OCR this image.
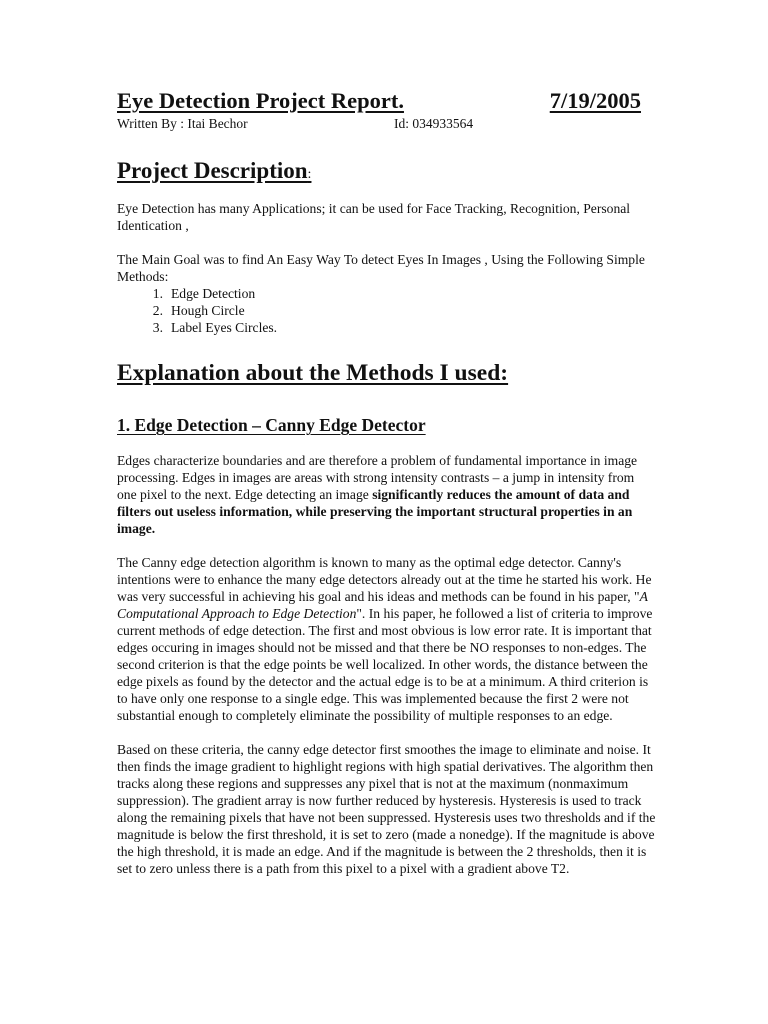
Eye Detection Project Report.	7/19/2005
Written By : Itai Bechor	Id: 034933564
Project Description:

Eye Detection has many Applications; it can be used for Face Tracking, Recognition, Personal Identication ,

The Main Goal was to find An Easy Way To detect Eyes In Images , Using the Following Simple Methods:

1. Edge Detection
2. Hough Circle
3. Label Eyes Circles.
Explanation about the Methods I used:
1. Edge Detection – Canny Edge Detector

Edges characterize boundaries and are therefore a problem of fundamental importance in image processing. Edges in images are areas with strong intensity contrasts – a jump in intensity from one pixel to the next. Edge detecting an image significantly reduces the amount of data and filters out useless information, while preserving the important structural properties in an image.

The Canny edge detection algorithm is known to many as the optimal edge detector. Canny's intentions were to enhance the many edge detectors already out at the time he started his work. He was very successful in achieving his goal and his ideas and methods can be found in his paper, "A Computational Approach to Edge Detection". In his paper, he followed a list of criteria to improve current methods of edge detection. The first and most obvious is low error rate. It is important that edges occuring in images should not be missed and that there be NO responses to non-edges. The second criterion is that the edge points be well localized. In other words, the distance between the edge pixels as found by the detector and the actual edge is to be at a minimum. A third criterion is to have only one response to a single edge. This was implemented because the first 2 were not substantial enough to completely eliminate the possibility of multiple responses to an edge.

Based on these criteria, the canny edge detector first smoothes the image to eliminate and noise. It then finds the image gradient to highlight regions with high spatial derivatives. The algorithm then tracks along these regions and suppresses any pixel that is not at the maximum (nonmaximum suppression). The gradient array is now further reduced by hysteresis. Hysteresis is used to track along the remaining pixels that have not been suppressed. Hysteresis uses two thresholds and if the magnitude is below the first threshold, it is set to zero (made a nonedge). If the magnitude is above the high threshold, it is made an edge. And if the magnitude is between the 2 thresholds, then it is set to zero unless there is a path from this pixel to a pixel with a gradient above T2.
